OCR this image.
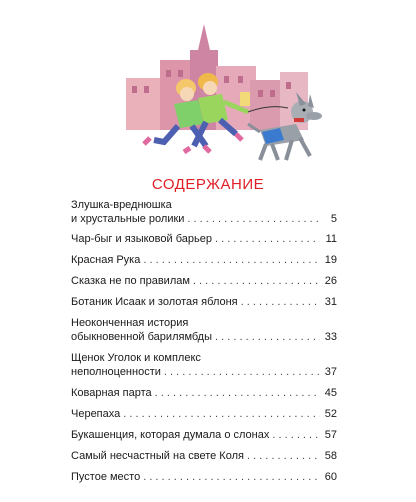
СОДЕРЖАНИЕ
Злушка-вреднюшка
и хрустальные ролики . . .	5
Чар-быг и языковой барьер . . .	11
Красная Рука . . .	19
Сказка не по правилам . . .	26
Ботаник Исаак и золотая яблоня . . .	31
Неоконченная история
обыкновенной барилямбды . . .	33
Щенок Уголок и комплекс
неполноценности . . .	37
Коварная парта . . .	45
Черепаха . . .	52
Букашенция, которая думала о слонах . . .	57
Самый несчастный на свете Коля . . .	58
Пустое место . . .	60
